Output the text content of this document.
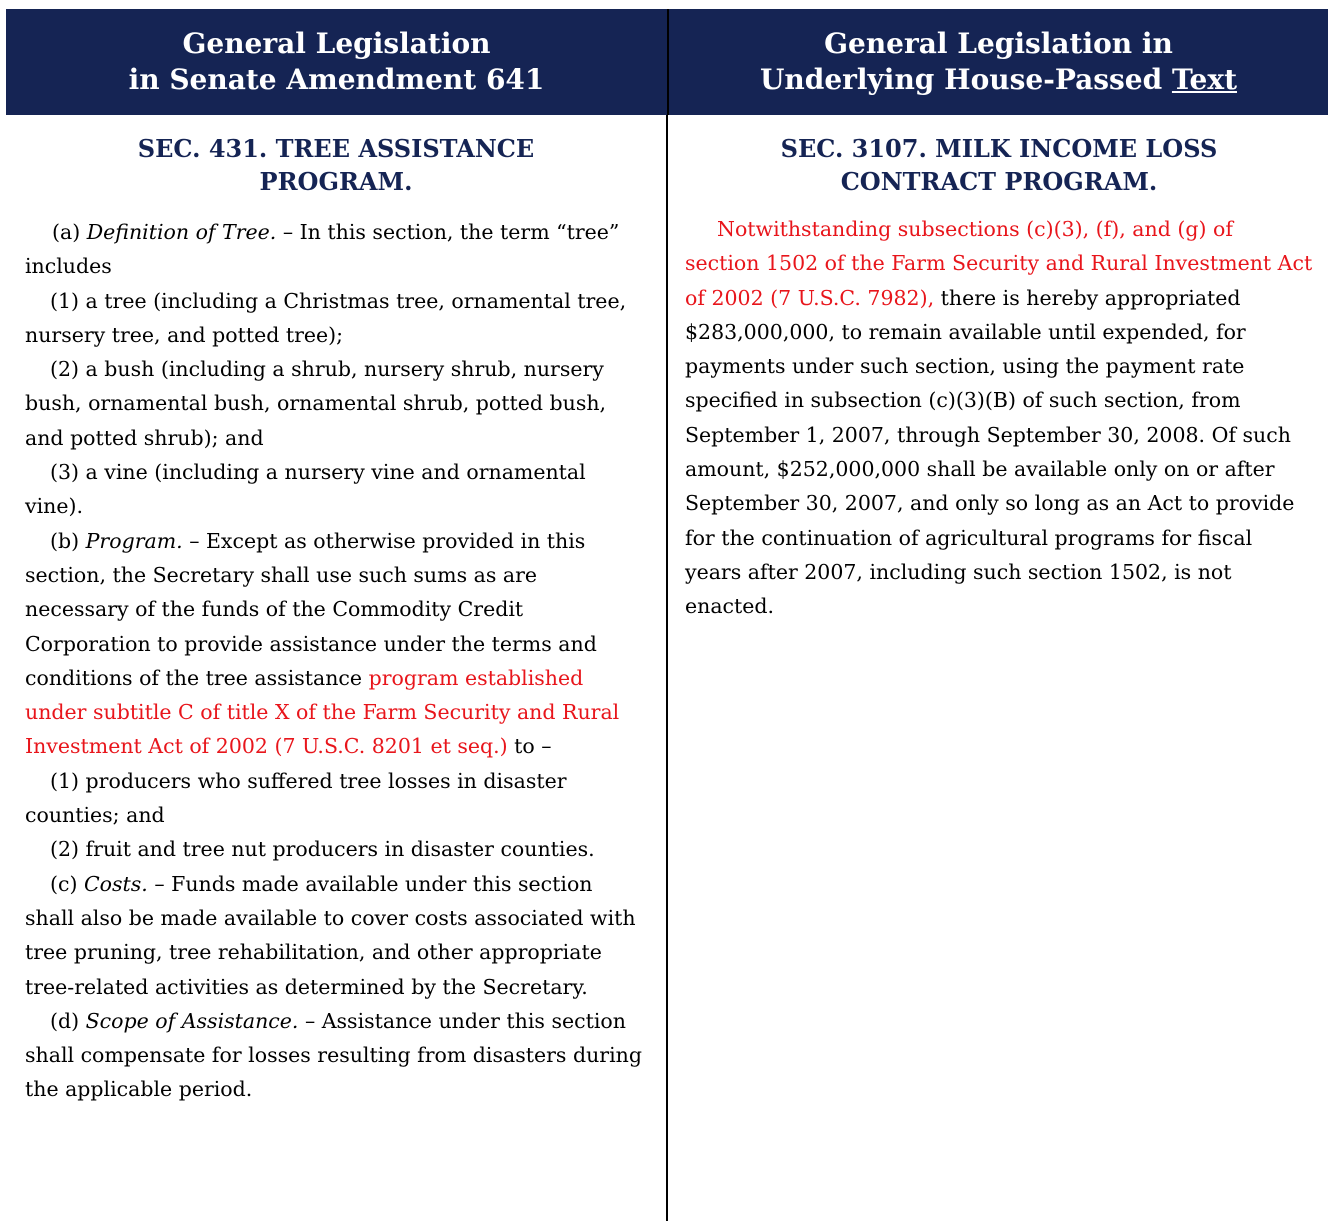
General Legislation
in Senate Amendment 641
General Legislation in
Underlying House-Passed Text
SEC. 431. TREE ASSISTANCE
PROGRAM.

(a) Definition of Tree. – In this section, the term “tree” includes

(1) a tree (including a Christmas tree, ornamental tree, nursery tree, and potted tree);

(2) a bush (including a shrub, nursery shrub, nursery bush, ornamental bush, ornamental shrub, potted bush, and potted shrub); and

(3) a vine (including a nursery vine and ornamental vine).

(b) Program. – Except as otherwise provided in this section, the Secretary shall use such sums as are necessary of the funds of the Commodity Credit Corporation to provide assistance under the terms and conditions of the tree assistance program established under subtitle C of title X of the Farm Security and Rural Investment Act of 2002 (7 U.S.C. 8201 et seq.) to –

(1) producers who suffered tree losses in disaster counties; and

(2) fruit and tree nut producers in disaster counties.

(c) Costs. – Funds made available under this section shall also be made available to cover costs associated with tree pruning, tree rehabilitation, and other appropriate tree-related activities as determined by the Secretary.

(d) Scope of Assistance. – Assistance under this section shall compensate for losses resulting from disasters during the applicable period.

SEC. 3107. MILK INCOME LOSS
CONTRACT PROGRAM.

Notwithstanding subsections (c)(3), (f), and (g) of section 1502 of the Farm Security and Rural Investment Act of 2002 (7 U.S.C. 7982), there is hereby appropriated $283,000,000, to remain available until expended, for payments under such section, using the payment rate specified in subsection (c)(3)(B) of such section, from September 1, 2007, through September 30, 2008. Of such amount, $252,000,000 shall be available only on or after September 30, 2007, and only so long as an Act to provide for the continuation of agricultural programs for fiscal years after 2007, including such section 1502, is not enacted.
